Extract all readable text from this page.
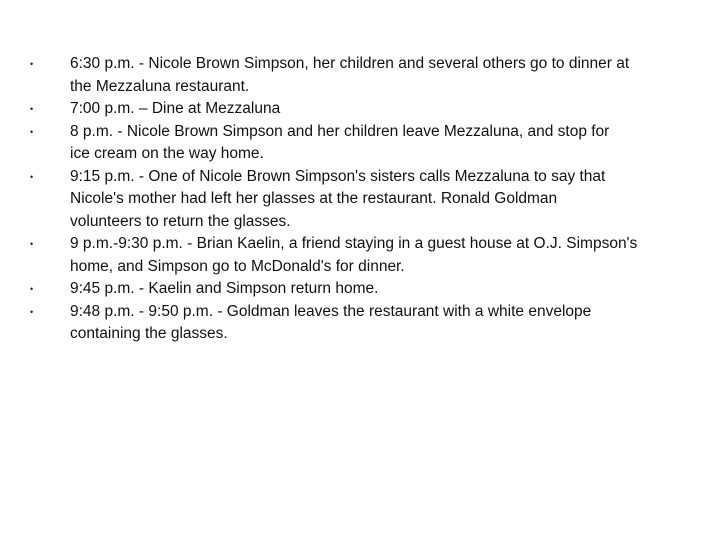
•	6:30 p.m. - Nicole Brown Simpson, her children and several others go to dinner at
the Mezzaluna restaurant.
•	7:00 p.m. – Dine at Mezzaluna
•	8 p.m. - Nicole Brown Simpson and her children leave Mezzaluna, and stop for
ice cream on the way home.
•	9:15 p.m. - One of Nicole Brown Simpson's sisters calls Mezzaluna to say that
Nicole's mother had left her glasses at the restaurant. Ronald Goldman
volunteers to return the glasses.
•	9 p.m.-9:30 p.m. - Brian Kaelin, a friend staying in a guest house at O.J. Simpson's
home, and Simpson go to McDonald's for dinner.
•	9:45 p.m. - Kaelin and Simpson return home.
•	9:48 p.m. - 9:50 p.m. - Goldman leaves the restaurant with a white envelope
containing the glasses.
